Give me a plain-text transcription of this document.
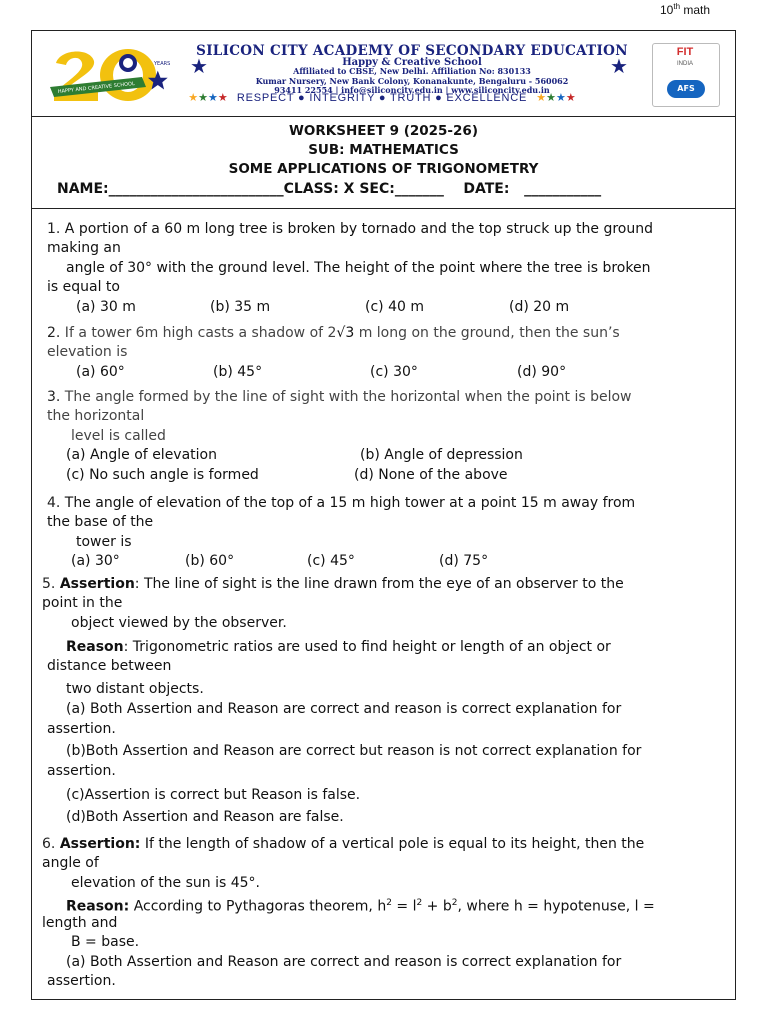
10th math
YEARS
HAPPY AND CREATIVE SCHOOL
SILICON CITY ACADEMY OF SECONDARY EDUCATION
Happy & Creative School
Affiliated to CBSE, New Delhi. Affiliation No: 830133
Kumar Nursery, New Bank Colony, Konanakunte, Bengaluru - 560062
93411 22554 | info@siliconcity.edu.in | www.siliconcity.edu.in
★	★
FIT
INDIA
AFS
★★★★ RESPECT ● INTEGRITY ● TRUTH ● EXCELLENCE ★★★★
WORKSHEET 9 (2025-26)
SUB: MATHEMATICS
SOME APPLICATIONS OF TRIGONOMETRY
NAME:_________________________CLASS: X SEC:_______    DATE:   ___________
1. A portion of a 60 m long tree is broken by tornado and the top struck up the ground
making an
angle of 30° with the ground level. The height of the point where the tree is broken
is equal to
(a) 30 m	(b) 35 m	(c) 40 m	(d) 20 m
2. If a tower 6m high casts a shadow of 2√3 m long on the ground, then the sun’s
elevation is
(a) 60°	(b) 45°	(c) 30°	(d) 90°
3. The angle formed by the line of sight with the horizontal when the point is below
the horizontal
level is called
(a) Angle of elevation	(b) Angle of depression
(c) No such angle is formed	(d) None of the above
4. The angle of elevation of the top of a 15 m high tower at a point 15 m away from
the base of the
tower is
(a) 30°	(b) 60°	(c) 45°	(d) 75°
5. Assertion: The line of sight is the line drawn from the eye of an observer to the
point in the
object viewed by the observer.
Reason: Trigonometric ratios are used to find height or length of an object or
distance between
two distant objects.
(a) Both Assertion and Reason are correct and reason is correct explanation for
assertion.
(b)Both Assertion and Reason are correct but reason is not correct explanation for
assertion.
(c)Assertion is correct but Reason is false.
(d)Both Assertion and Reason are false.
6. Assertion: If the length of shadow of a vertical pole is equal to its height, then the
angle of
elevation of the sun is 45°.
Reason: According to Pythagoras theorem, $h^2 = l^2 + b^2$, where h = hypotenuse, l =
length and
B = base.
(a) Both Assertion and Reason are correct and reason is correct explanation for
assertion.
